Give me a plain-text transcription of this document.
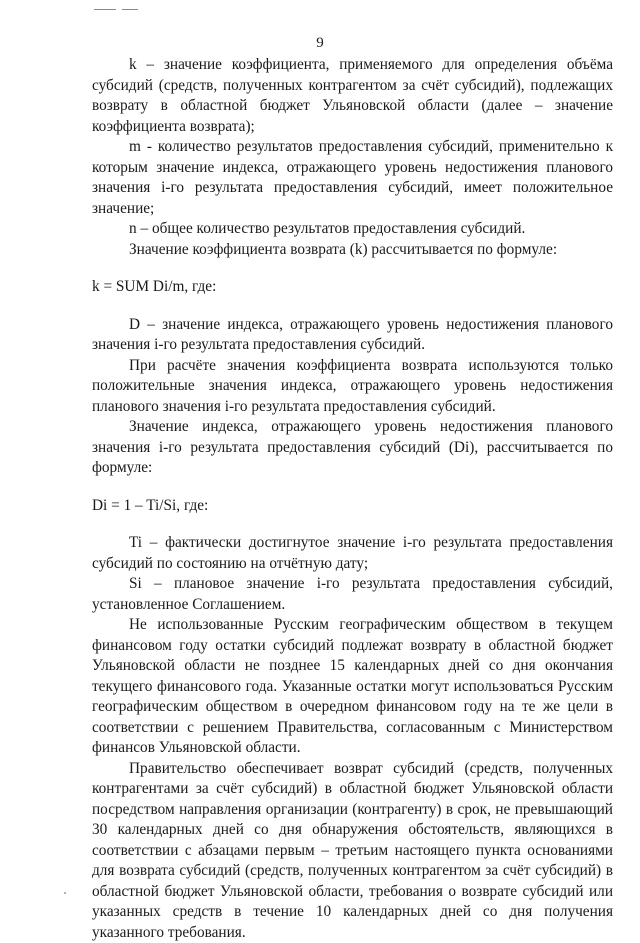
9

k – значение коэффициента, применяемого для определения объёма субсидий (средств, полученных контрагентом за счёт субсидий), подлежащих возврату в областной бюджет Ульяновской области (далее – значение коэффициента возврата);

m - количество результатов предоставления субсидий, применительно к которым значение индекса, отражающего уровень недостижения планового значения i-го результата предоставления субсидий, имеет положительное значение;

n – общее количество результатов предоставления субсидий.

Значение коэффициента возврата (k) рассчитывается по формуле:

k = SUM Di/m, где:

D – значение индекса, отражающего уровень недостижения планового значения i-го результата предоставления субсидий.

При расчёте значения коэффициента возврата используются только положительные значения индекса, отражающего уровень недостижения планового значения i-го результата предоставления субсидий.

Значение индекса, отражающего уровень недостижения планового значения i-го результата предоставления субсидий (Di), рассчитывается по формуле:

Di = 1 – Ti/Si, где:

Ti – фактически достигнутое значение i-го результата предоставления субсидий по состоянию на отчётную дату;

Si – плановое значение i-го результата предоставления субсидий, установленное Соглашением.

Не использованные Русским географическим обществом в текущем финансовом году остатки субсидий подлежат возврату в областной бюджет Ульяновской области не позднее 15 календарных дней со дня окончания текущего финансового года. Указанные остатки могут использоваться Русским географическим обществом в очередном финансовом году на те же цели в соответствии с решением Правительства, согласованным с Министерством финансов Ульяновской области.

Правительство обеспечивает возврат субсидий (средств, полученных контрагентами за счёт субсидий) в областной бюджет Ульяновской области посредством направления организации (контрагенту) в срок, не превышающий 30 календарных дней со дня обнаружения обстоятельств, являющихся в соответствии с абзацами первым – третьим настоящего пункта основаниями для возврата субсидий (средств, полученных контрагентом за счёт субсидий) в областной бюджет Ульяновской области, требования о возврате субсидий или указанных средств в течение 10 календарных дней со дня получения указанного требования.
